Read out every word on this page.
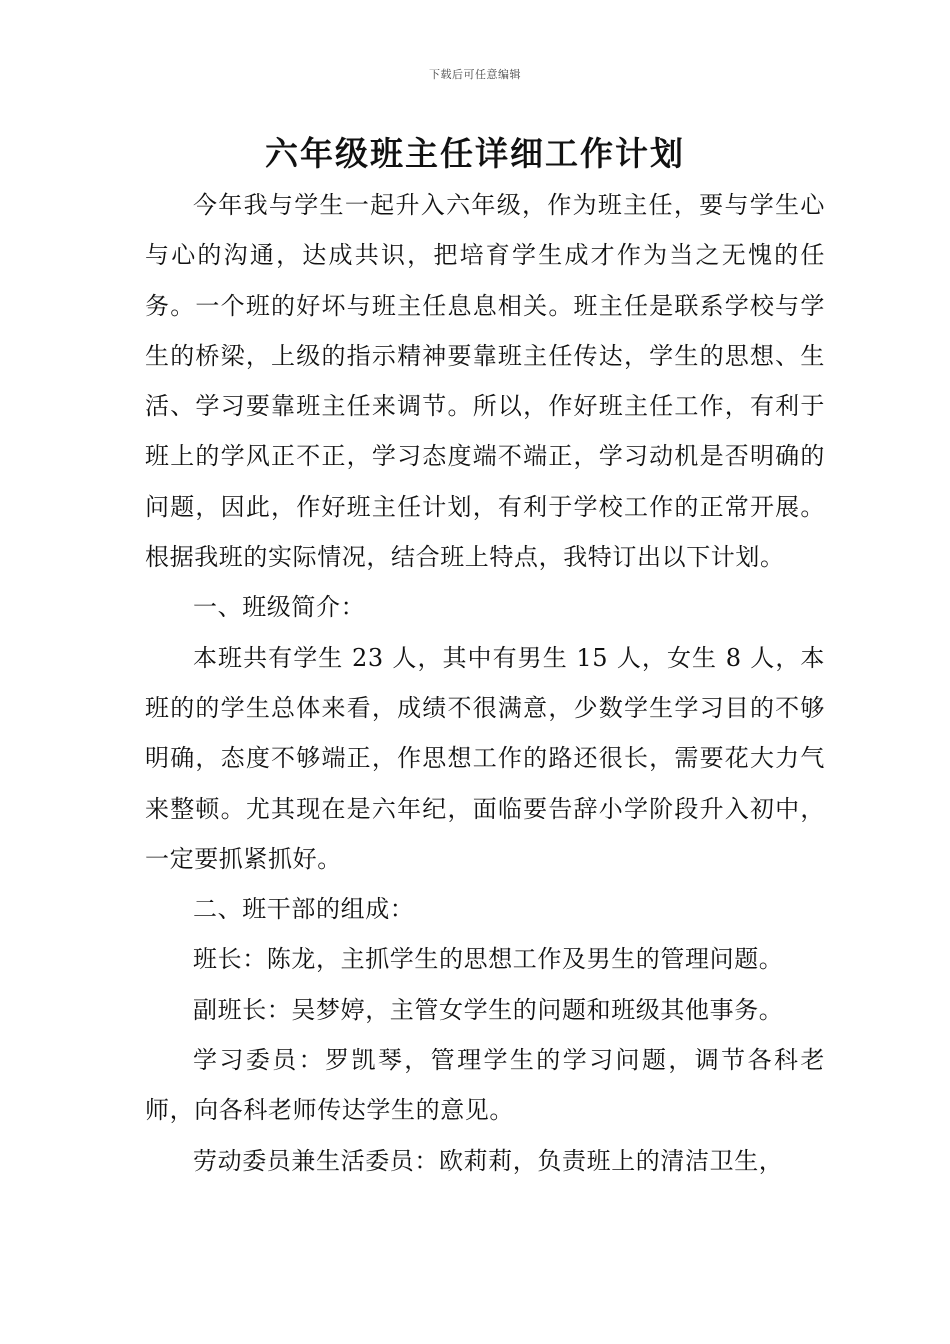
下载后可任意编辑
六年级班主任详细工作计划

今年我与学生一起升入六年级，作为班主任，要与学生心与心的沟通，达成共识，把培育学生成才作为当之无愧的任务。一个班的好坏与班主任息息相关。班主任是联系学校与学生的桥梁，上级的指示精神要靠班主任传达，学生的思想、生活、学习要靠班主任来调节。所以，作好班主任工作，有利于班上的学风正不正，学习态度端不端正，学习动机是否明确的问题，因此，作好班主任计划，有利于学校工作的正常开展。根据我班的实际情况，结合班上特点，我特订出以下计划。

一、班级简介：

本班共有学生 23 人，其中有男生 15 人，女生 8 人，本班的的学生总体来看，成绩不很满意，少数学生学习目的不够明确，态度不够端正，作思想工作的路还很长，需要花大力气来整顿。尤其现在是六年纪，面临要告辞小学阶段升入初中，一定要抓紧抓好。

二、班干部的组成：

班长：陈龙，主抓学生的思想工作及男生的管理问题。

副班长：吴梦婷，主管女学生的问题和班级其他事务。

学习委员：罗凯琴，管理学生的学习问题，调节各科老师，向各科老师传达学生的意见。

劳动委员兼生活委员：欧莉莉，负责班上的清洁卫生，
